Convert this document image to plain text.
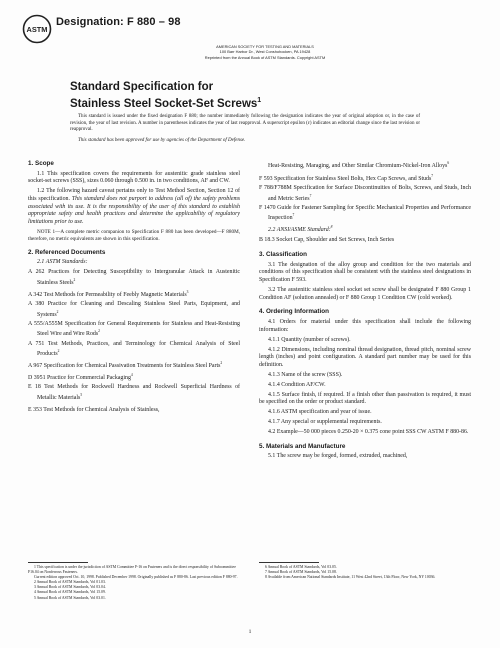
ASTM
Designation: F 880 – 98
AMERICAN SOCIETY FOR TESTING AND MATERIALS
100 Barr Harbor Dr., West Conshohocken, PA 19428
Reprinted from the Annual Book of ASTM Standards. Copyright ASTM
Standard Specification for
Stainless Steel Socket-Set Screws$^1$

This standard is issued under the fixed designation F 880; the number immediately following the designation indicates the year of original adoption or, in the case of revision, the year of last revision. A number in parentheses indicates the year of last reapproval. A superscript epsilon (ε) indicates an editorial change since the last revision or reapproval.

This standard has been approved for use by agencies of the Department of Defense.

1. Scope

1.1 This specification covers the requirements for austenitic grade stainless steel socket-set screws (SSS), sizes 0.060 through 0.500 in. in two conditions, AF and CW.

1.2 The following hazard caveat pertains only to Test Method Section, Section 12 of this specification. This standard does not purport to address (all of) the safety problems associated with its use. It is the responsibility of the user of this standard to establish appropriate safety and health practices and determine the applicability of regulatory limitations prior to use.

NOTE 1—A complete metric companion to Specification F 880 has been developed—F 880M, therefore, no metric equivalents are shown in this specification.

2. Referenced Documents

2.1 ASTM Standards:

A 262 Practices for Detecting Susceptibility to Intergranular Attack in Austenitic Stainless Steels$^2$

A 342 Test Methods for Permeability of Feebly Magnetic Materials$^3$

A 380 Practice for Cleaning and Descaling Stainless Steel Parts, Equipment, and Systems$^2$

A 555/A555M Specification for General Requirements for Stainless and Heat-Resisting Steel Wire and Wire Rods$^2$

A 751 Test Methods, Practices, and Terminology for Chemical Analysis of Steel Products$^2$

A 967 Specification for Chemical Passivation Treatments for Stainless Steel Parts$^2$

D 3951 Practice for Commercial Packaging$^4$

E 18 Test Methods for Rockwell Hardness and Rockwell Superficial Hardness of Metallic Materials$^5$

E 353 Test Methods for Chemical Analysis of Stainless,

Heat-Resisting, Maraging, and Other Similar Chromium-Nickel-Iron Alloys$^6$

F 593 Specification for Stainless Steel Bolts, Hex Cap Screws, and Studs$^7$

F 788/F788M Specification for Surface Discontinuities of Bolts, Screws, and Studs, Inch and Metric Series$^7$

F 1470 Guide for Fastener Sampling for Specific Mechanical Properties and Performance Inspection$^7$

2.2 ANSI/ASME Standard:$^8$

B 18.3 Socket Cap, Shoulder and Set Screws, Inch Series

3. Classification

3.1 The designation of the alloy group and condition for the two materials and conditions of this specification shall be consistent with the stainless steel designations in Specification F 593.

3.2 The austenitic stainless steel socket set screw shall be designated F 880 Group 1 Condition AF (solution annealed) or F 880 Group 1 Condition CW (cold worked).

4. Ordering Information

4.1 Orders for material under this specification shall include the following information:

4.1.1 Quantity (number of screws).

4.1.2 Dimensions, including nominal thread designation, thread pitch, nominal screw length (inches) and point configuration. A standard part number may be used for this definition.

4.1.3 Name of the screw (SSS).

4.1.4 Condition AF/CW.

4.1.5 Surface finish, if required. If a finish other than passivation is required, it must be specified on the order or product standard.

4.1.6 ASTM specification and year of issue.

4.1.7 Any special or supplemental requirements.

4.2 Example—50 000 pieces 0.250-20 × 0.375 cone point SSS CW ASTM F 880-86.

5. Materials and Manufacture

5.1 The screw may be forged, formed, extruded, machined,

1 This specification is under the jurisdiction of ASTM Committee F-16 on Fasteners and is the direct responsibility of Subcommittee F16.04 on Nonferrous Fasteners.

Current edition approved Oct. 10, 1998. Published December 1998. Originally published as F 880-86. Last previous edition F 880-97.

2 Annual Book of ASTM Standards, Vol 01.03.

3 Annual Book of ASTM Standards, Vol 03.04.

4 Annual Book of ASTM Standards, Vol 15.09.

5 Annual Book of ASTM Standards, Vol 03.01.

6 Annual Book of ASTM Standards, Vol 03.05.

7 Annual Book of ASTM Standards, Vol 15.08.

8 Available from American National Standards Institute, 11 West 42nd Street, 13th Floor, New York, NY 10036.

1
